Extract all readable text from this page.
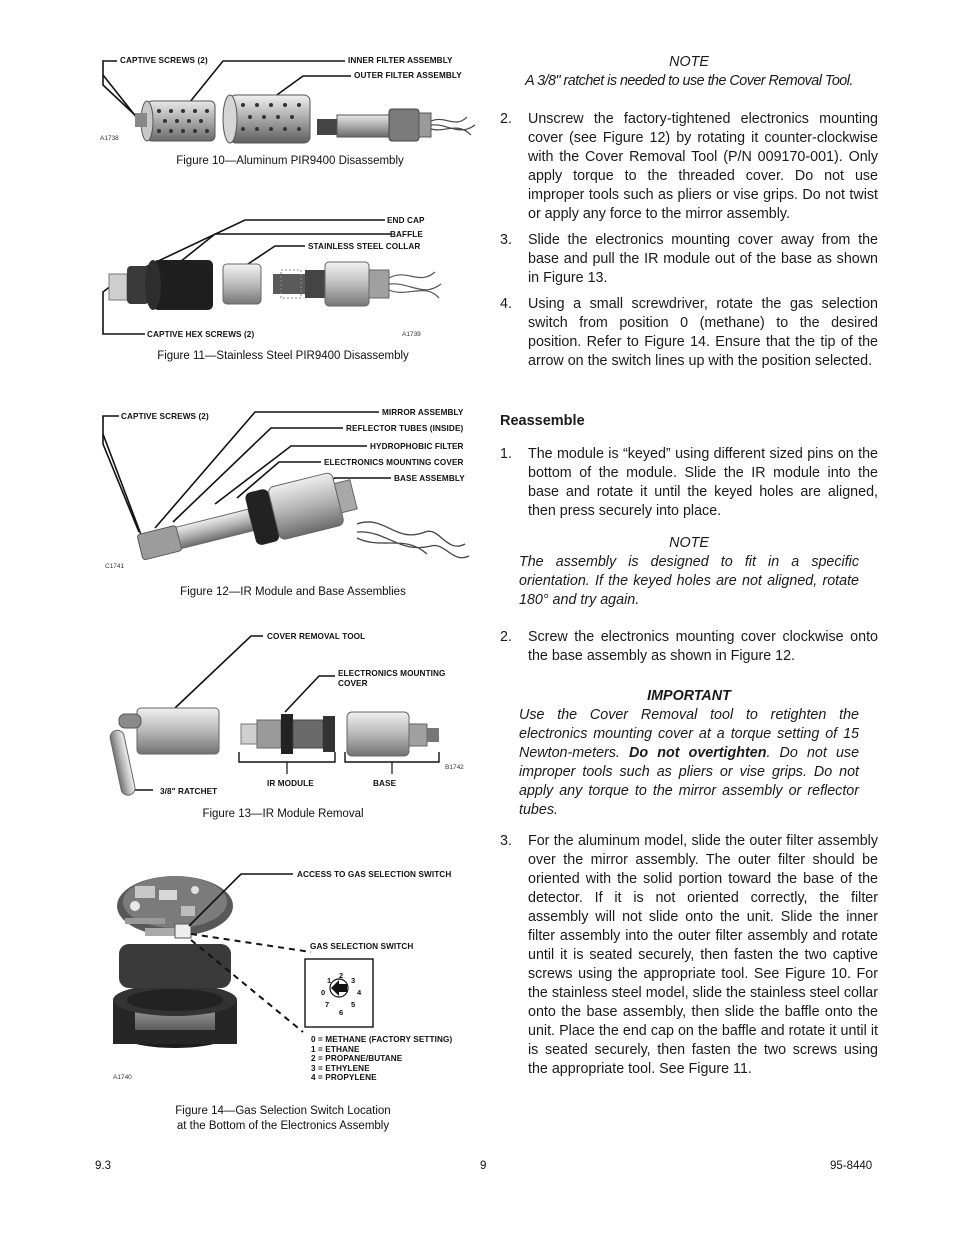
CAPTIVE SCREWS (2)	INNER FILTER ASSEMBLY
OUTER FILTER ASSEMBLY
A1738
Figure 10—Aluminum PIR9400 Disassembly
END CAP
BAFFLE
STAINLESS STEEL COLLAR
CAPTIVE HEX SCREWS (2)	A1739
Figure 11—Stainless Steel PIR9400 Disassembly
CAPTIVE SCREWS (2)	MIRROR ASSEMBLY
REFLECTOR TUBES (INSIDE)
HYDROPHOBIC FILTER
ELECTRONICS MOUNTING COVER
BASE ASSEMBLY
C1741
Figure 12—IR Module and Base Assemblies
COVER REMOVAL TOOL
ELECTRONICS MOUNTING
COVER
IR MODULE	BASE
3/8" RATCHET
B1742
Figure 13—IR Module Removal
ACCESS TO GAS SELECTION SWITCH
GAS SELECTION SWITCH
2
3
4
5
6
7
0
1
0 = METHANE (FACTORY SETTING)
1 = ETHANE
2 = PROPANE/BUTANE
3 = ETHYLENE
4 = PROPYLENE
A1740
Figure 14—Gas Selection Switch Location
at the Bottom of the Electronics Assembly
NOTE
A 3/8" ratchet is needed to use the Cover Removal Tool.
2. Unscrew the factory-tightened electronics mounting cover (see Figure 12) by rotating it counter-clockwise with the Cover Removal Tool (P/N 009170-001). Only apply torque to the threaded cover. Do not use improper tools such as pliers or vise grips. Do not twist or apply any force to the mirror assembly.
3. Slide the electronics mounting cover away from the base and pull the IR module out of the base as shown in Figure 13.
4. Using a small screwdriver, rotate the gas selection switch from position 0 (methane) to the desired position. Refer to Figure 14. Ensure that the tip of the arrow on the switch lines up with the position selected.
Reassemble
1. The module is “keyed” using different sized pins on the bottom of the module. Slide the IR module into the base and rotate it until the keyed holes are aligned, then press securely into place.
NOTE
The assembly is designed to fit in a specific orientation. If the keyed holes are not aligned, rotate 180° and try again.
2. Screw the electronics mounting cover clockwise onto the base assembly as shown in Figure 12.
IMPORTANT
Use the Cover Removal tool to retighten the electronics mounting cover at a torque setting of 15 Newton-meters. Do not overtighten. Do not use improper tools such as pliers or vise grips. Do not apply any torque to the mirror assembly or reflector tubes.
3. For the aluminum model, slide the outer filter assembly over the mirror assembly. The outer filter should be oriented with the solid portion toward the base of the detector. If it is not oriented correctly, the filter assembly will not slide onto the unit. Slide the inner filter assembly into the outer filter assembly and rotate until it is seated securely, then fasten the two captive screws using the appropriate tool. See Figure 10. For the stainless steel model, slide the stainless steel collar onto the base assembly, then slide the baffle onto the unit. Place the end cap on the baffle and rotate it until it is seated securely, then fasten the two screws using the appropriate tool. See Figure 11.
9.3	9	95-8440
